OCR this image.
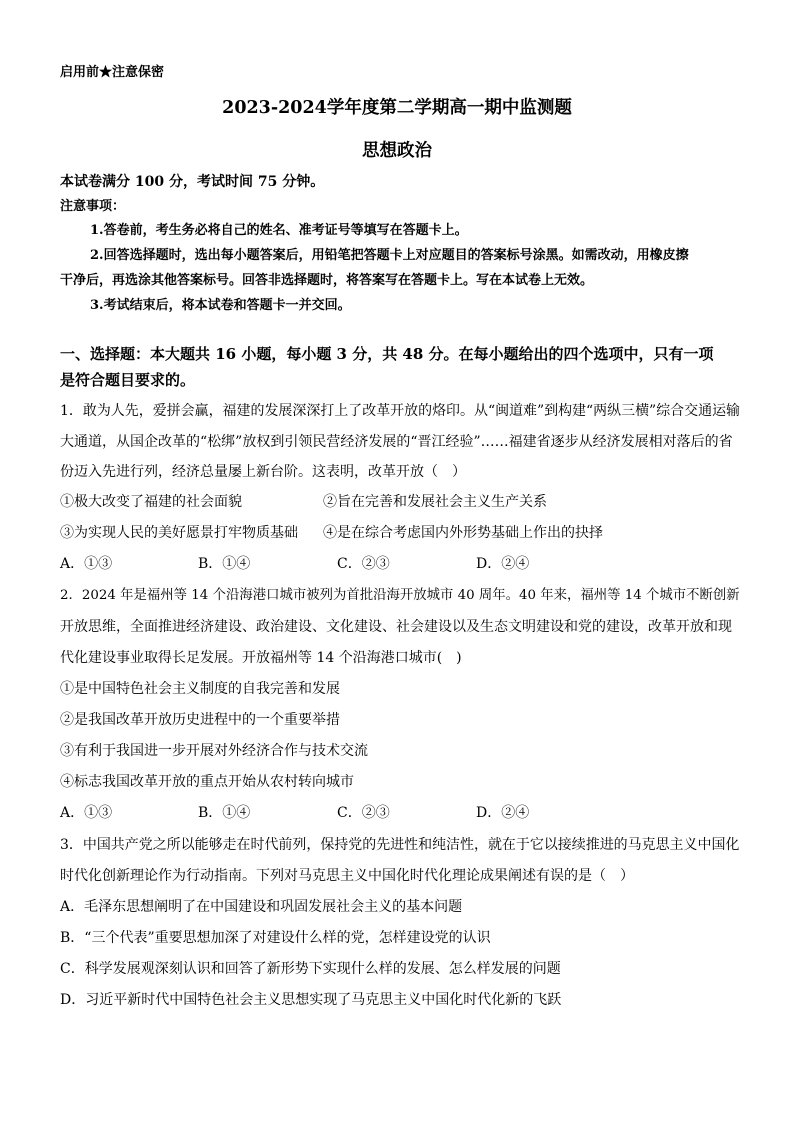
启用前★注意保密
2023-2024学年度第二学期高一期中监测题
思想政治
本试卷满分 100 分，考试时间 75 分钟。
注意事项：
1.答卷前，考生务必将自己的姓名、准考证号等填写在答题卡上。
2.回答选择题时，选出每小题答案后，用铅笔把答题卡上对应题目的答案标号涂黑。如需改动，用橡皮擦
干净后，再选涂其他答案标号。回答非选择题时，将答案写在答题卡上。写在本试卷上无效。
3.考试结束后，将本试卷和答题卡一并交回。
一、选择题：本大题共 16 小题，每小题 3 分，共 48 分。在每小题给出的四个选项中，只有一项
是符合题目要求的。
1．敢为人先，爱拼会赢，福建的发展深深打上了改革开放的烙印。从“闽道难”到构建“两纵三横”综合交通运输
大通道，从国企改革的“松绑”放权到引领民营经济发展的“晋江经验”……福建省逐步从经济发展相对落后的省
份迈入先进行列，经济总量屡上新台阶。这表明，改革开放（　）
①极大改变了福建的社会面貌	②旨在完善和发展社会主义生产关系
③为实现人民的美好愿景打牢物质基础 ④是在综合考虑国内外形势基础上作出的抉择
A．①③	B．①④	C．②③	D．②④
2．2024 年是福州等 14 个沿海港口城市被列为首批沿海开放城市 40 周年。40 年来，福州等 14 个城市不断创新
开放思维，全面推进经济建设、政治建设、文化建设、社会建设以及生态文明建设和党的建设，改革开放和现
代化建设事业取得长足发展。开放福州等 14 个沿海港口城市(　)
①是中国特色社会主义制度的自我完善和发展
②是我国改革开放历史进程中的一个重要举措
③有利于我国进一步开展对外经济合作与技术交流
④标志我国改革开放的重点开始从农村转向城市
A．①③	B．①④	C．②③	D．②④
3．中国共产党之所以能够走在时代前列，保持党的先进性和纯洁性，就在于它以接续推进的马克思主义中国化
时代化创新理论作为行动指南。下列对马克思主义中国化时代化理论成果阐述有误的是（　）
A．毛泽东思想阐明了在中国建设和巩固发展社会主义的基本问题
B．“三个代表”重要思想加深了对建设什么样的党，怎样建设党的认识
C．科学发展观深刻认识和回答了新形势下实现什么样的发展、怎么样发展的问题
D．习近平新时代中国特色社会主义思想实现了马克思主义中国化时代化新的飞跃
